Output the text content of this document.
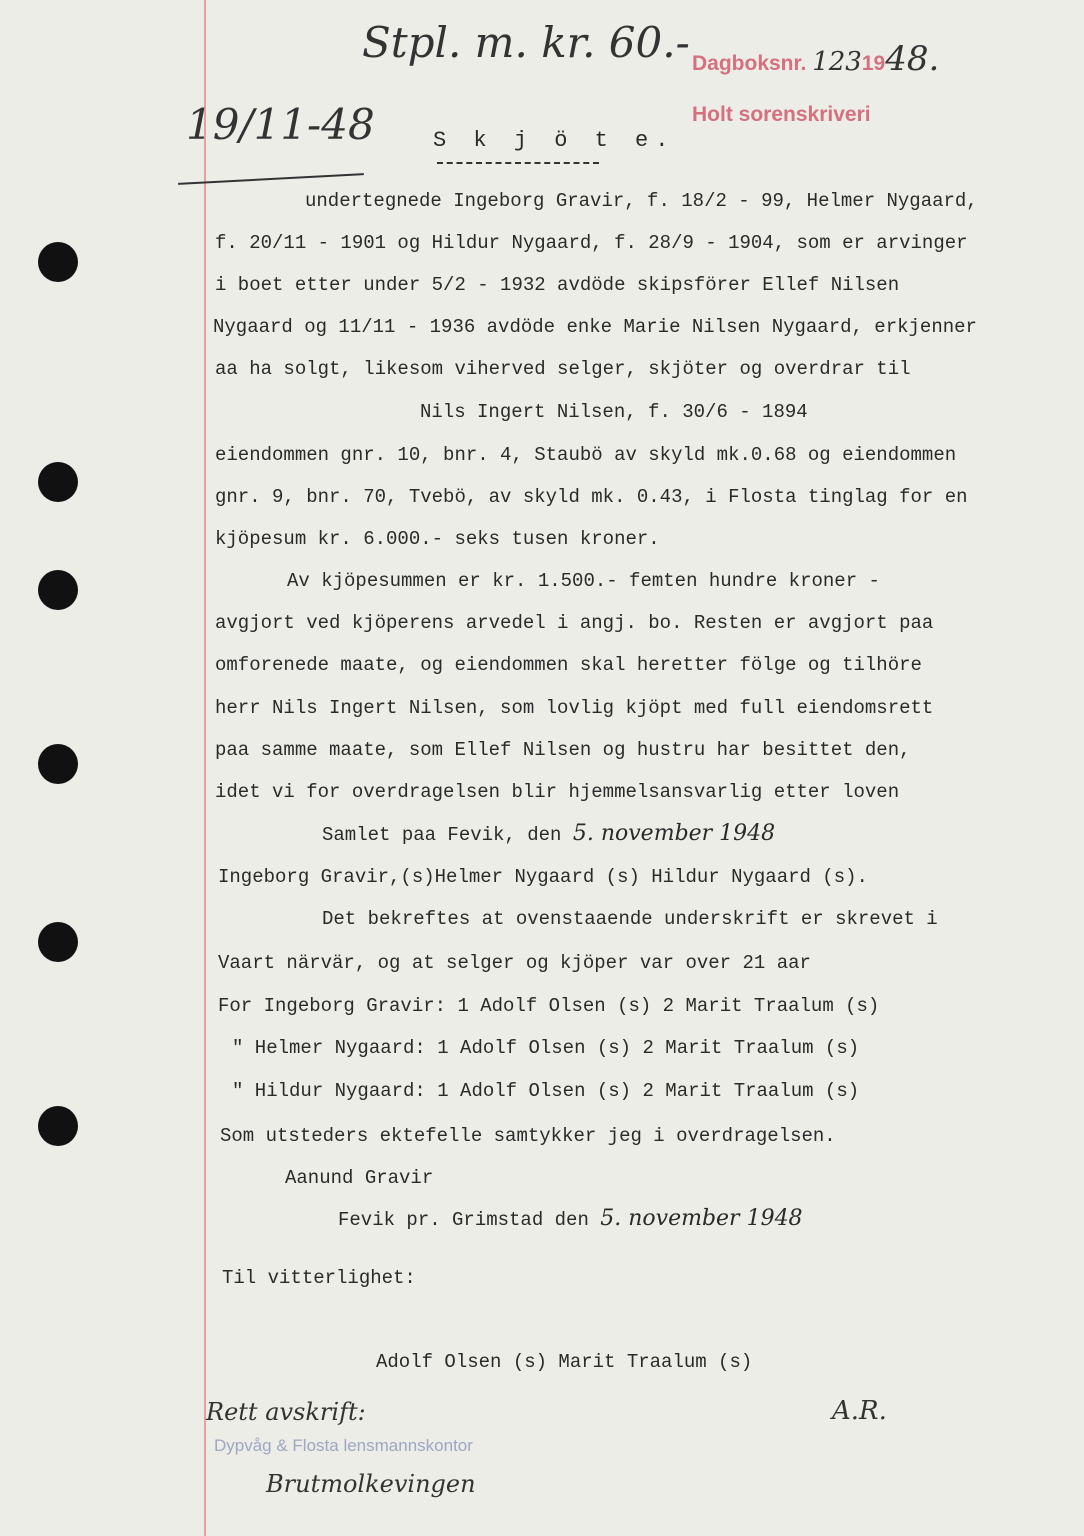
Stpl. m. kr. 60.- Dagboksnr. 1231948.
Holt sorenskriveri
19/11-48	S k j ö t e.
undertegnede Ingeborg Gravir, f. 18/2 - 99, Helmer Nygaard,
f. 20/11 - 1901 og Hildur Nygaard, f. 28/9 - 1904, som er arvinger
i boet etter under 5/2 - 1932 avdöde skipsförer Ellef Nilsen
Nygaard og 11/11 - 1936 avdöde enke Marie Nilsen Nygaard, erkjenner
aa ha solgt, likesom viherved selger, skjöter og overdrar til
Nils Ingert Nilsen, f. 30/6 - 1894
eiendommen gnr. 10, bnr. 4, Staubö av skyld mk.0.68 og eiendommen
gnr. 9, bnr. 70, Tvebö, av skyld mk. 0.43, i Flosta tinglag for en
kjöpesum kr. 6.000.- seks tusen kroner.
Av kjöpesummen er kr. 1.500.- femten hundre kroner -
avgjort ved kjöperens arvedel i angj. bo. Resten er avgjort paa
omforenede maate, og eiendommen skal heretter fölge og tilhöre
herr Nils Ingert Nilsen, som lovlig kjöpt med full eiendomsrett
paa samme maate, som Ellef Nilsen og hustru har besittet den,
idet vi for overdragelsen blir hjemmelsansvarlig etter loven
Samlet paa Fevik, den 5. november 1948
Ingeborg Gravir,(s)Helmer Nygaard (s) Hildur Nygaard (s).
Det bekreftes at ovenstaaende underskrift er skrevet i
Vaart närvär, og at selger og kjöper var over 21 aar
For Ingeborg Gravir: 1 Adolf Olsen (s) 2 Marit Traalum (s)
" Helmer Nygaard: 1 Adolf Olsen (s) 2 Marit Traalum (s)
" Hildur Nygaard: 1 Adolf Olsen (s) 2 Marit Traalum (s)
Som utsteders ektefelle samtykker jeg i overdragelsen.
Aanund Gravir
Fevik pr. Grimstad den 5. november 1948
Til vitterlighet:
Adolf Olsen (s) Marit Traalum (s)
Rett avskrift:	A.R.
Dypvåg & Flosta lensmannskontor
Brutmolkevingen
